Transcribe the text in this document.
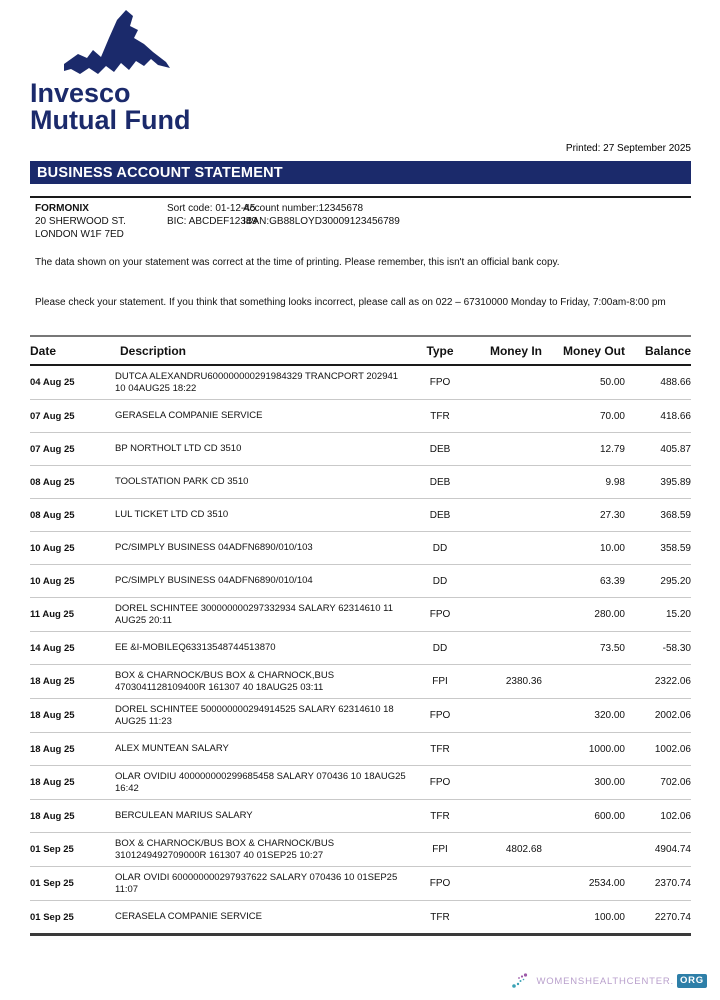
Invesco
Mutual Fund
Printed: 27 September 2025
BUSINESS ACCOUNT STATEMENT
FORMONIX
20 SHERWOOD ST.
LONDON W1F 7ED
Sort code: 01-12-45
BIC: ABCDEF12349
Account number:12345678
IBAN:GB88LOYD30009123456789
The data shown on your statement was correct at the time of printing. Please remember, this isn't an official bank copy.
Please check your statement. If you think that something looks incorrect, please call as on 022 – 67310000 Monday to Friday, 7:00am-8:00 pm
Date	Description	Type	Money In	Money Out	Balance
04 Aug 25	DUTCA ALEXANDRU600000000291984329 TRANCPORT 202941 10 04AUG25 18:22	FPO		50.00	488.66
07 Aug 25	GERASELA COMPANIE SERVICE	TFR		70.00	418.66
07 Aug 25	BP NORTHOLT LTD CD 3510	DEB		12.79	405.87
08 Aug 25	TOOLSTATION PARK CD 3510	DEB		9.98	395.89
08 Aug 25	LUL TICKET LTD CD 3510	DEB		27.30	368.59
10 Aug 25	PC/SIMPLY BUSINESS 04ADFN6890/010/103	DD		10.00	358.59
10 Aug 25	PC/SIMPLY BUSINESS 04ADFN6890/010/104	DD		63.39	295.20
11 Aug 25	DOREL SCHINTEE 300000000297332934 SALARY 62314610 11 AUG25 20:11	FPO		280.00	15.20
14 Aug 25	EE &I-MOBILEQ63313548744513870	DD		73.50	-58.30
18 Aug 25	BOX & CHARNOCK/BUS BOX & CHARNOCK,BUS 4703041128109400R 161307 40 18AUG25 03:11	FPI	2380.36		2322.06
18 Aug 25	DOREL SCHINTEE 500000000294914525 SALARY 62314610 18 AUG25 11:23	FPO		320.00	2002.06
18 Aug 25	ALEX MUNTEAN SALARY	TFR		1000.00	1002.06
18 Aug 25	OLAR OVIDIU 400000000299685458 SALARY 070436 10 18AUG25 16:42	FPO		300.00	702.06
18 Aug 25	BERCULEAN MARIUS SALARY	TFR		600.00	102.06
01 Sep 25	BOX & CHARNOCK/BUS BOX & CHARNOCK/BUS 3101249492709000R 161307 40 01SEP25 10:27	FPI	4802.68		4904.74
01 Sep 25	OLAR OVIDI 600000000297937622 SALARY 070436 10 01SEP25 11:07	FPO		2534.00	2370.74
01 Sep 25	CERASELA COMPANIE SERVICE	TFR		100.00	2270.74
WOMENSHEALTHCENTER. ORG
